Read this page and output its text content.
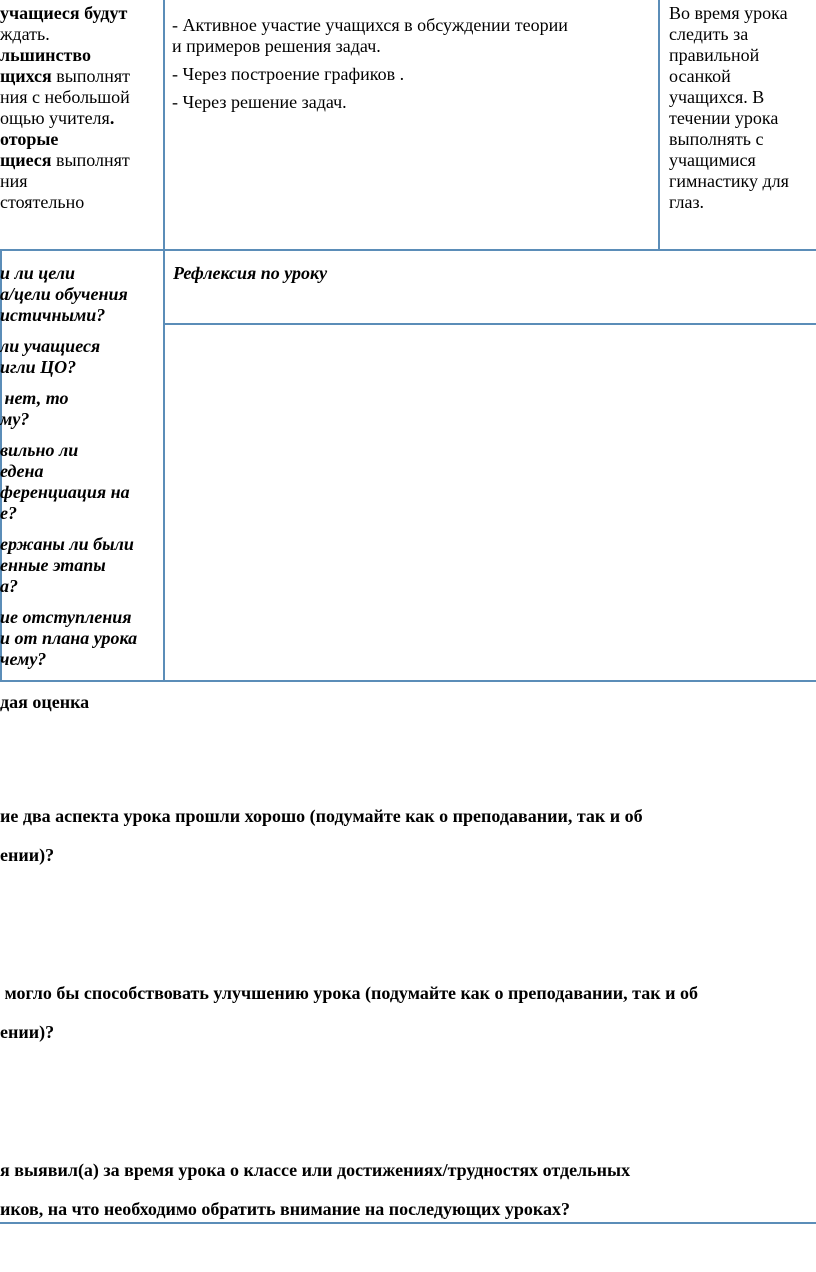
учащиеся будут

ждать.

льшинство

щихся выполнят

ния с небольшой

ощью учителя.

оторые

щиеся выполнят

ния

стоятельно

- Активное участие учащихся в обсуждении теории

и примеров решения задач.

- Через построение графиков .

- Через решение задач.

Во время урока

следить за

правильной

осанкой

учащихся. В

течении урока

выполнять с

учащимися

гимнастику для

глаз.

Рефлексия по уроку

и ли цели

а/цели обучения

истичными?

ли учащиеся

игли ЦО?

нет, то

му?

вильно ли

едена

ференциация на

е?

ержаны ли были

енные этапы

а?

ие отступления

и от плана урока

чему?

дая оценка

ие два аспекта урока прошли хорошо (подумайте как о преподавании, так и об

ении)?

могло бы способствовать улучшению урока (подумайте как о преподавании, так и об

ении)?

я выявил(а) за время урока о классе или достижениях/трудностях отдельных

иков, на что необходимо обратить внимание на последующих уроках?
